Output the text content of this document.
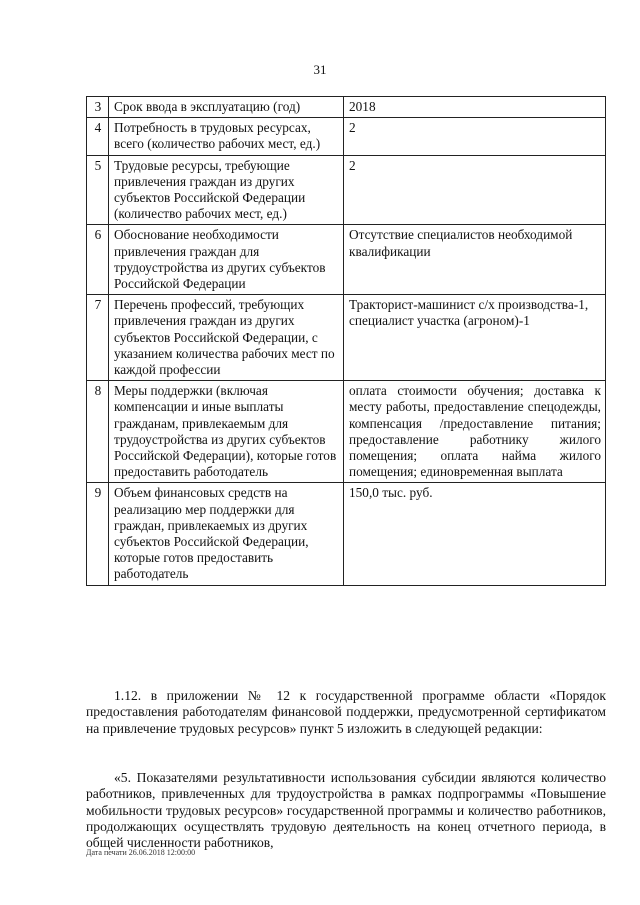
31
3	Срок ввода в эксплуатацию (год)	2018
4	Потребность в трудовых ресурсах, всего (количество рабочих мест, ед.)	2
5	Трудовые ресурсы, требующие привлечения граждан из других субъектов Российской Федерации (количество рабочих мест, ед.)	2
6	Обоснование необходимости привлечения граждан для трудоустройства из других субъектов Российской Федерации	Отсутствие специалистов необходимой квалификации
7	Перечень профессий, требующих привлечения граждан из других субъектов Российской Федерации, с указанием количества рабочих мест по каждой профессии	Тракторист-машинист с/х производства-1,
специалист участка (агроном)-1
8	Меры поддержки (включая компенсации и иные выплаты гражданам, привлекаемым для трудоустройства из других субъектов Российской Федерации), которые готов предоставить работодатель	оплата стоимости обучения; доставка к месту работы, предоставление спецодежды, компенсация /предоставление питания; предоставление работнику жилого помещения; оплата найма жилого помещения; единовременная выплата
9	Объем финансовых средств на реализацию мер поддержки для граждан, привлекаемых из других субъектов Российской Федерации, которые готов предоставить работодатель	150,0 тыс. руб.
1.12. в приложении № 12 к государственной программе области «Порядок предоставления работодателям финансовой поддержки, предусмотренной сертификатом на привлечение трудовых ресурсов» пункт 5 изложить в следующей редакции:
«5. Показателями результативности использования субсидии являются количество работников, привлеченных для трудоустройства в рамках подпрограммы «Повышение мобильности трудовых ресурсов» государственной программы и количество работников, продолжающих осуществлять трудовую деятельность на конец отчетного периода, в общей численности работников,
Дата печати 26.06.2018 12:00:00
